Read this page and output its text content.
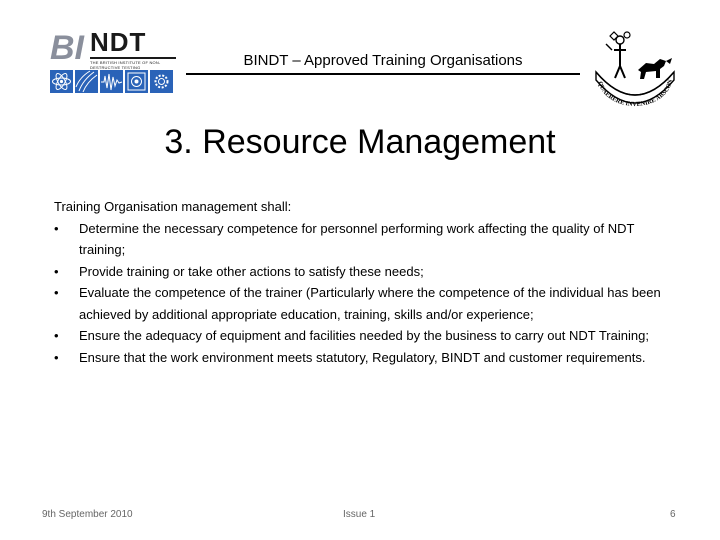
BI NDT
THE BRITISH INSTITUTE OF NON-DESTRUCTIVE TESTING	BINDT – Approved Training Organisations
QUAERERE INVENIRE ABSCON
3. Resource Management
Training Organisation management shall:
• Determine the necessary competence for personnel performing work affecting the quality of NDT training;
• Provide training or take other actions to satisfy these needs;
• Evaluate the competence of the trainer (Particularly where the competence of the individual has been achieved by additional appropriate education, training, skills and/or experience;
• Ensure the adequacy of equipment and facilities needed by the business to carry out NDT Training;
• Ensure that the work environment meets statutory, Regulatory, BINDT and customer requirements.
9th September 2010	Issue 1	6
